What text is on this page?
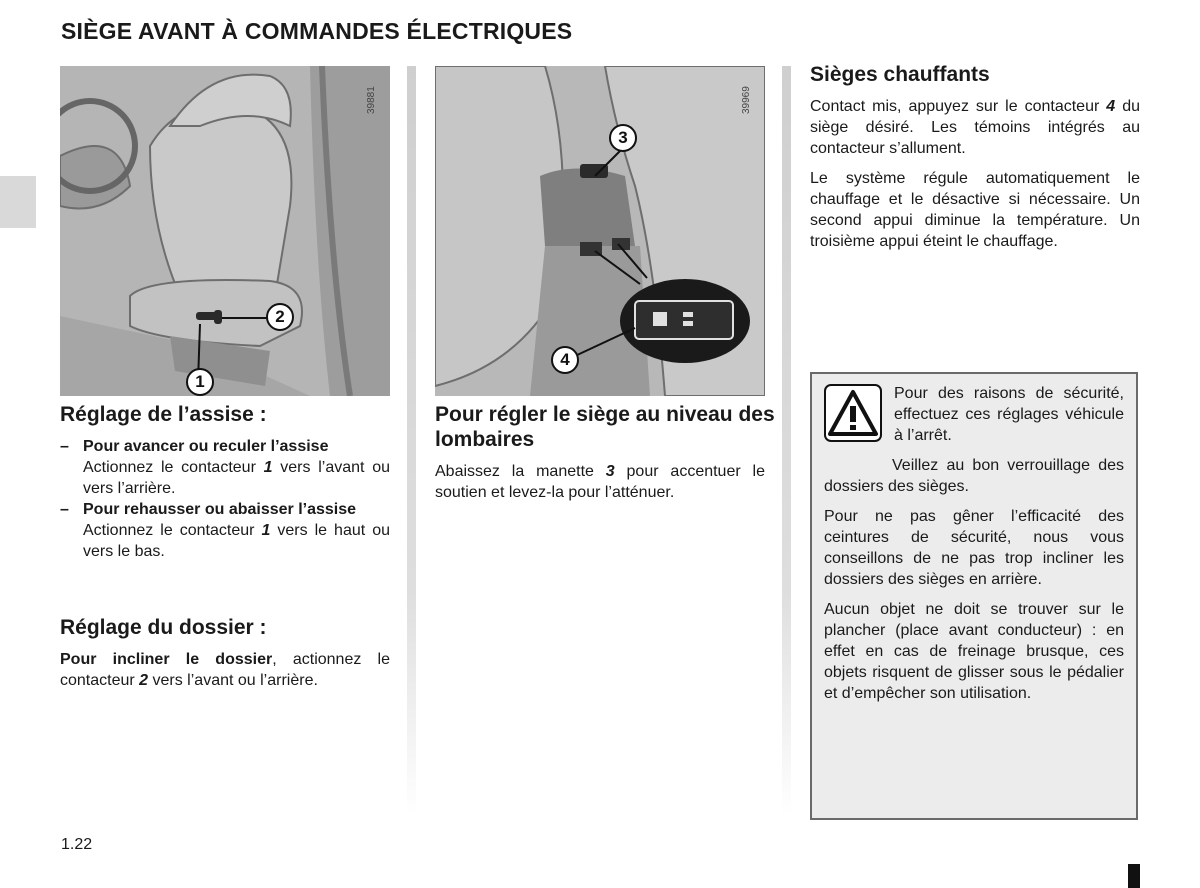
SIÈGE AVANT À COMMANDES ÉLECTRIQUES
39881
1
2
39969
3
4
Réglage de l’assise :
– Pour avancer ou reculer l’assise
Actionnez le contacteur 1 vers l’avant ou vers l’arrière.
– Pour rehausser ou abaisser l’assise
Actionnez le contacteur 1 vers le haut ou vers le bas.
Réglage du dossier :
Pour incliner le dossier, actionnez le contacteur 2 vers l’avant ou l’arrière.
Pour régler le siège au niveau des lombaires
Abaissez la manette 3 pour accentuer le soutien et levez-la pour l’atténuer.
Sièges chauffants

Contact mis, appuyez sur le contacteur 4 du siège désiré. Les témoins intégrés au contacteur s’allument.

Le système régule automatiquement le chauffage et le désactive si nécessaire. Un second appui diminue la température. Un troisième appui éteint le chauffage.

Pour des raisons de sécurité, effectuez ces réglages véhicule à l’arrêt.

Veillez au bon verrouillage des dossiers des sièges.

Pour ne pas gêner l’efficacité des ceintures de sécurité, nous vous conseillons de ne pas trop incliner les dossiers des sièges en arrière.

Aucun objet ne doit se trouver sur le plancher (place avant conducteur) : en effet en cas de freinage brusque, ces objets risquent de glisser sous le pédalier et d’empêcher son utilisation.

1.22
